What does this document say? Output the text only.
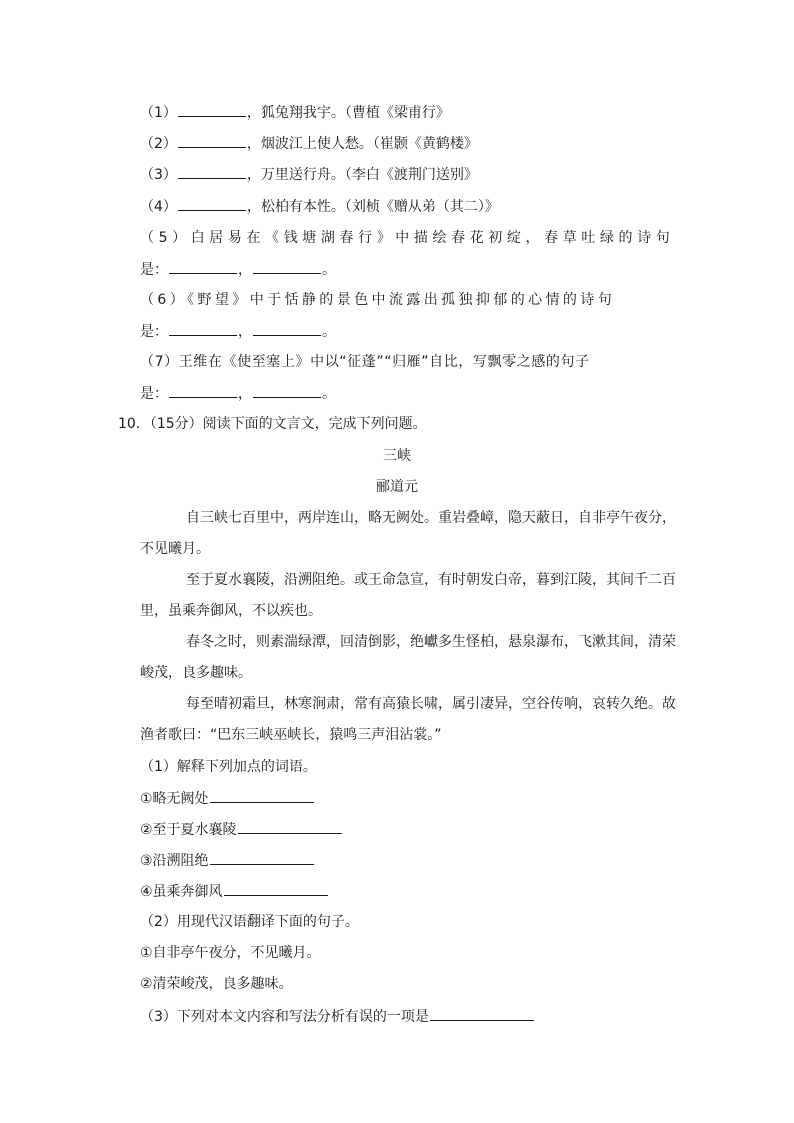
（1）	，狐兔翔我宇。（曹植《梁甫行》
（2）	，烟波江上使人愁。（崔颢《黄鹤楼》
（3）	，万里送行舟。（李白《渡荆门送别》
（4）	，松柏有本性。（刘桢《赠从弟（其二）》
（5）白居易在《钱塘湖春行》中描绘春花初绽，春草吐绿的诗句
是：	，	。
（6）《野望》中于恬静的景色中流露出孤独抑郁的心情的诗句
是：	，	。
（7）王维在《使至塞上》中以“征蓬”“归雁”自比，写飘零之感的句子
是：	，	。
10．（15分）阅读下面的文言文，完成下列问题。
三峡
郦道元
自三峡七百里中，两岸连山，略无阙处。重岩叠嶂，隐天蔽日，自非亭午夜分，
不见曦月。
至于夏水襄陵，沿溯阻绝。或王命急宣，有时朝发白帝，暮到江陵，其间千二百
里，虽乘奔御风，不以疾也。
春冬之时，则素湍绿潭，回清倒影，绝巘多生怪柏，悬泉瀑布，飞漱其间，清荣
峻茂，良多趣味。
每至晴初霜旦，林寒涧肃，常有高猿长啸，属引凄异，空谷传响，哀转久绝。故
渔者歌曰：“巴东三峡巫峡长，猿鸣三声泪沾裳。”
（1）解释下列加点的词语。
①略无阙处
②至于夏水襄陵
③沿溯阻绝
④虽乘奔御风
（2）用现代汉语翻译下面的句子。
①自非亭午夜分，不见曦月。
②清荣峻茂，良多趣味。
（3）下列对本文内容和写法分析有误的一项是
